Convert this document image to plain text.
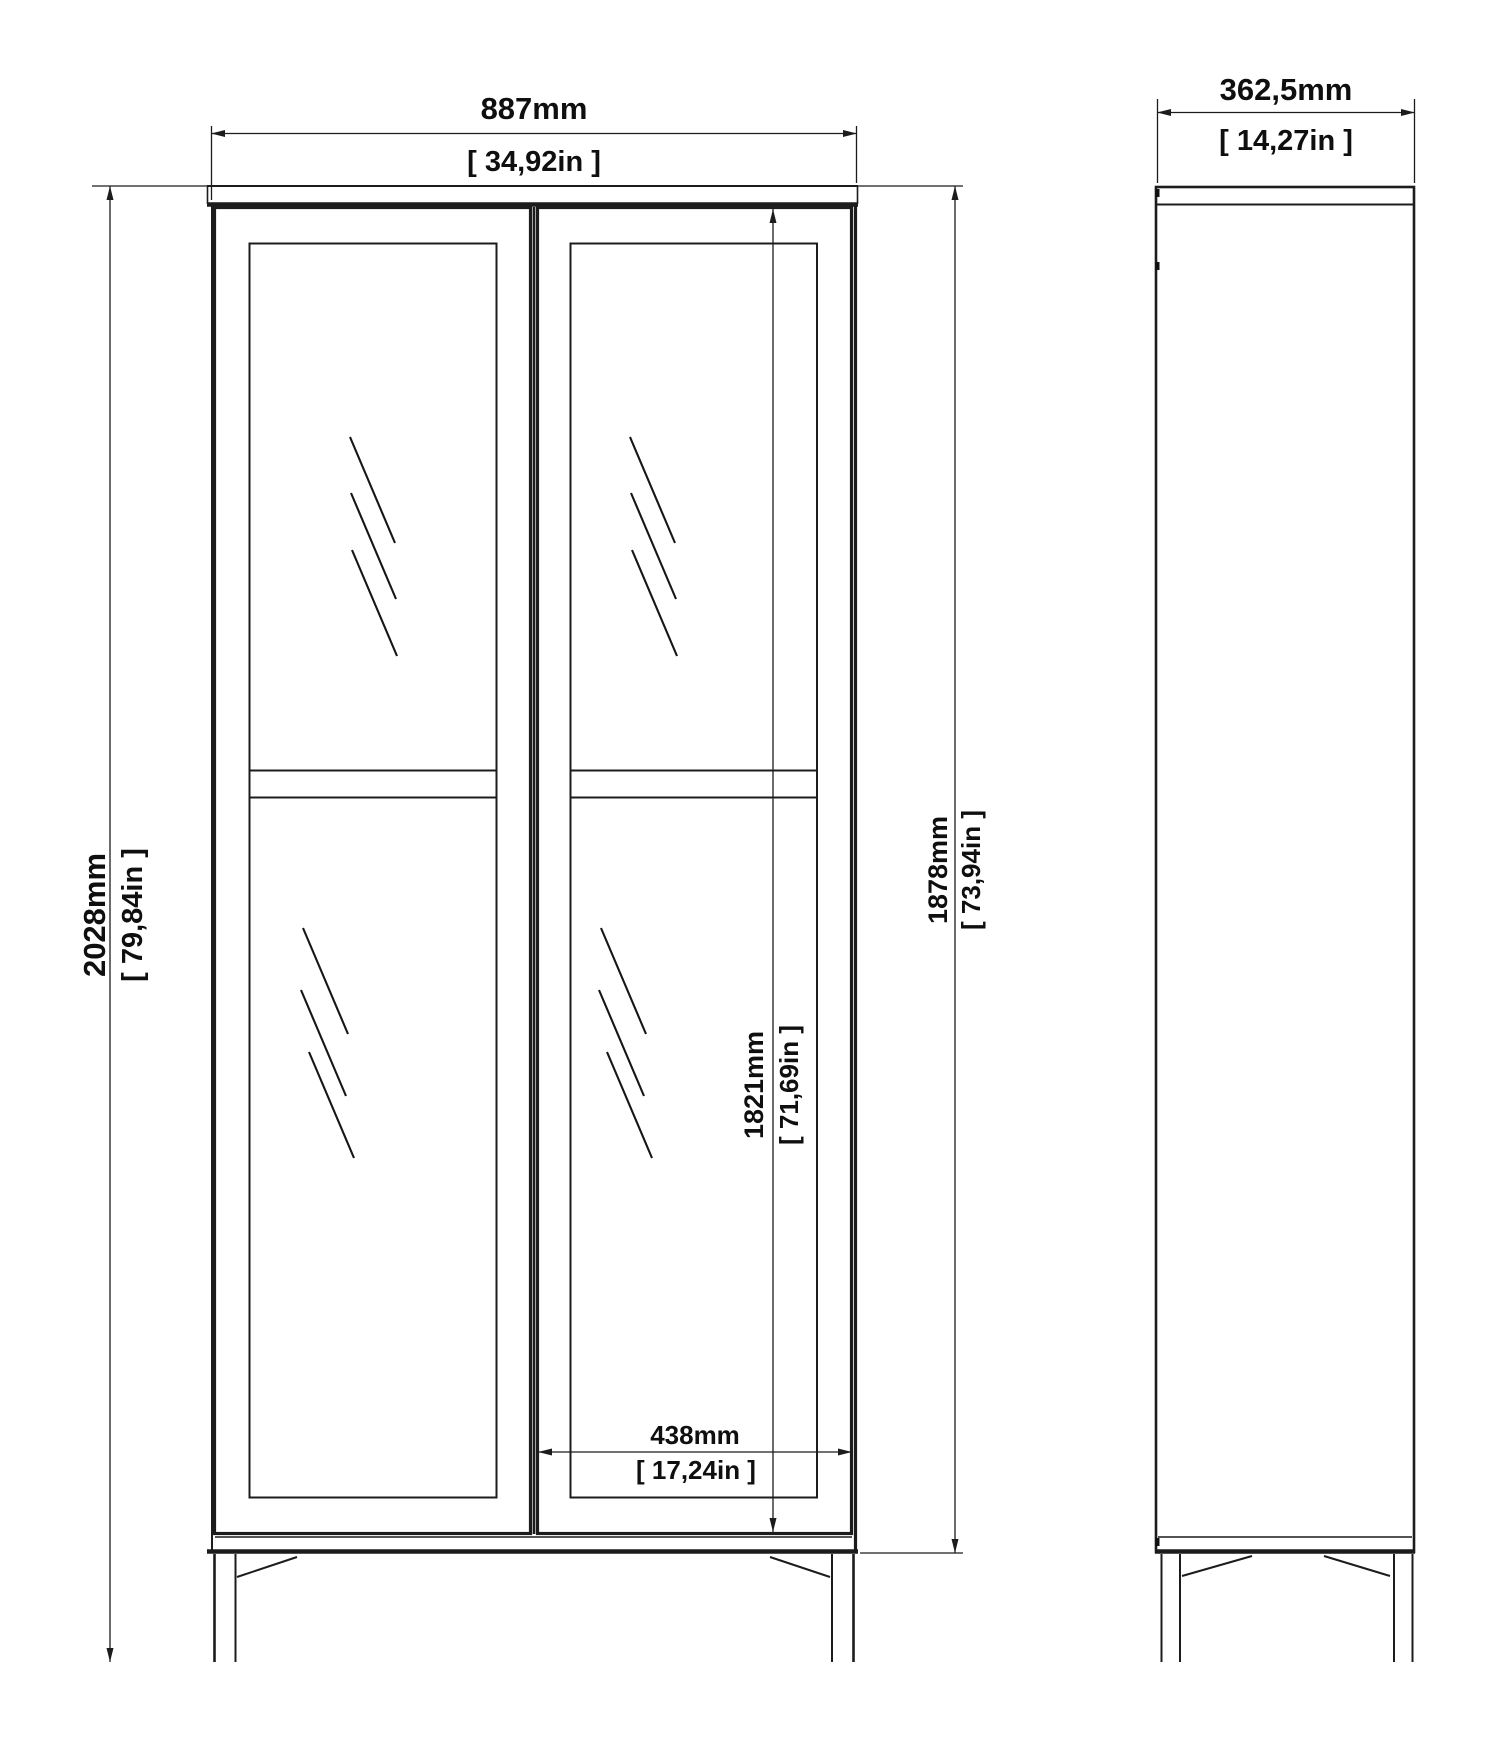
887mm
[ 34,92in ]
362,5mm
[ 14,27in ]
2028mm [ 79,84in ]	1878mm [ 73,94in ]
1821mm [ 71,69in ]
438mm
[ 17,24in ]
